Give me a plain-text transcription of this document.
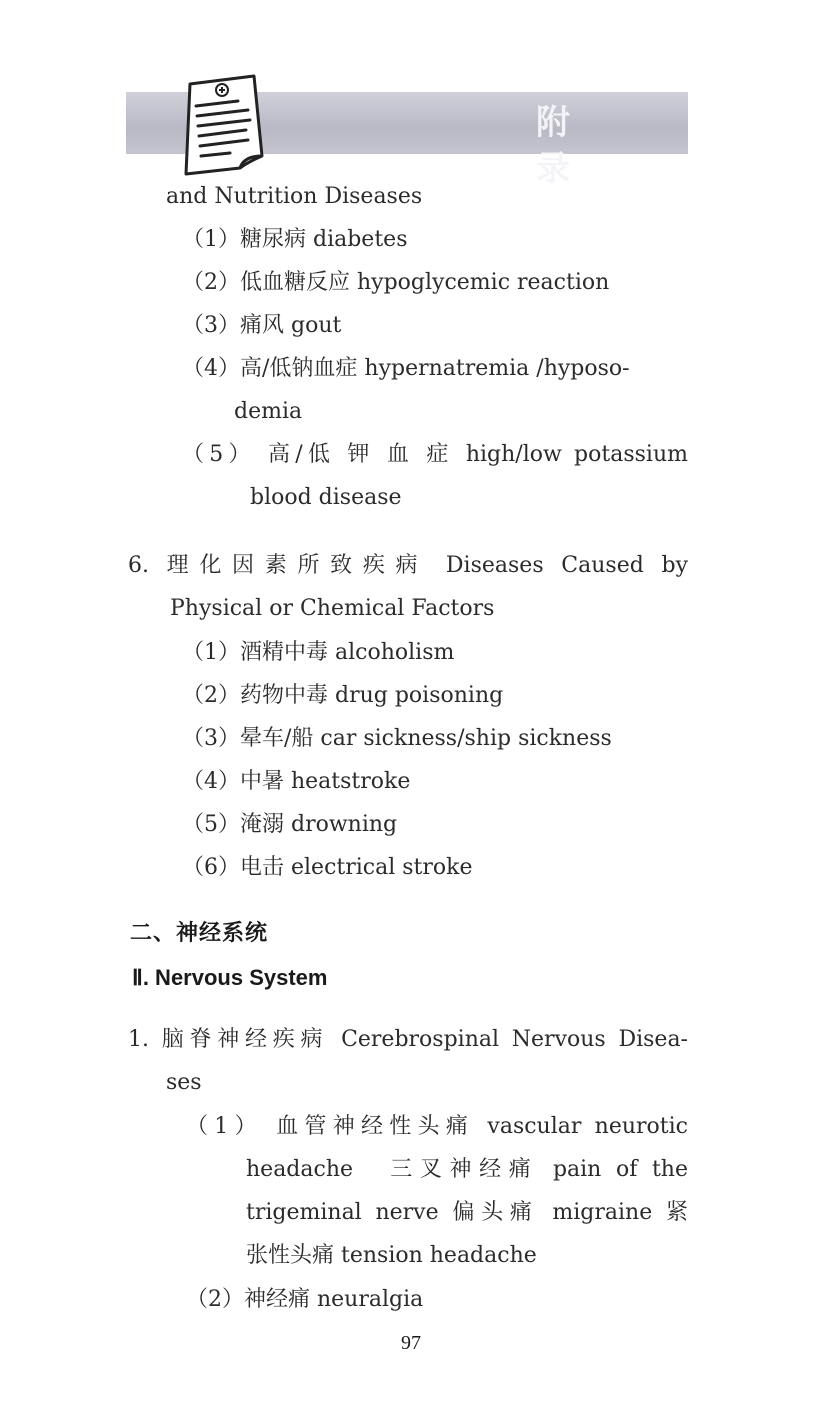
附 录
and Nutrition Diseases
（1）糖尿病 diabetes
（2）低血糖反应 hypoglycemic reaction
（3）痛风 gout
（4）高/低钠血症 hypernatremia /hyposo-
demia
（5） 高/低 钾 血 症 high/low potassium
blood disease
6. 理化因素所致疾病 Diseases Caused by
Physical or Chemical Factors
（1）酒精中毒 alcoholism
（2）药物中毒 drug poisoning
（3）晕车/船 car sickness/ship sickness
（4）中暑 heatstroke
（5）淹溺 drowning
（6）电击 electrical stroke
二、神经系统
Ⅱ. Nervous System
1. 脑脊神经疾病 Cerebrospinal Nervous Disea-
ses
（1） 血管神经性头痛 vascular neurotic
headache　三叉神经痛 pain of the
trigeminal nerve 偏头痛 migraine 紧
张性头痛 tension headache
（2）神经痛 neuralgia
97
